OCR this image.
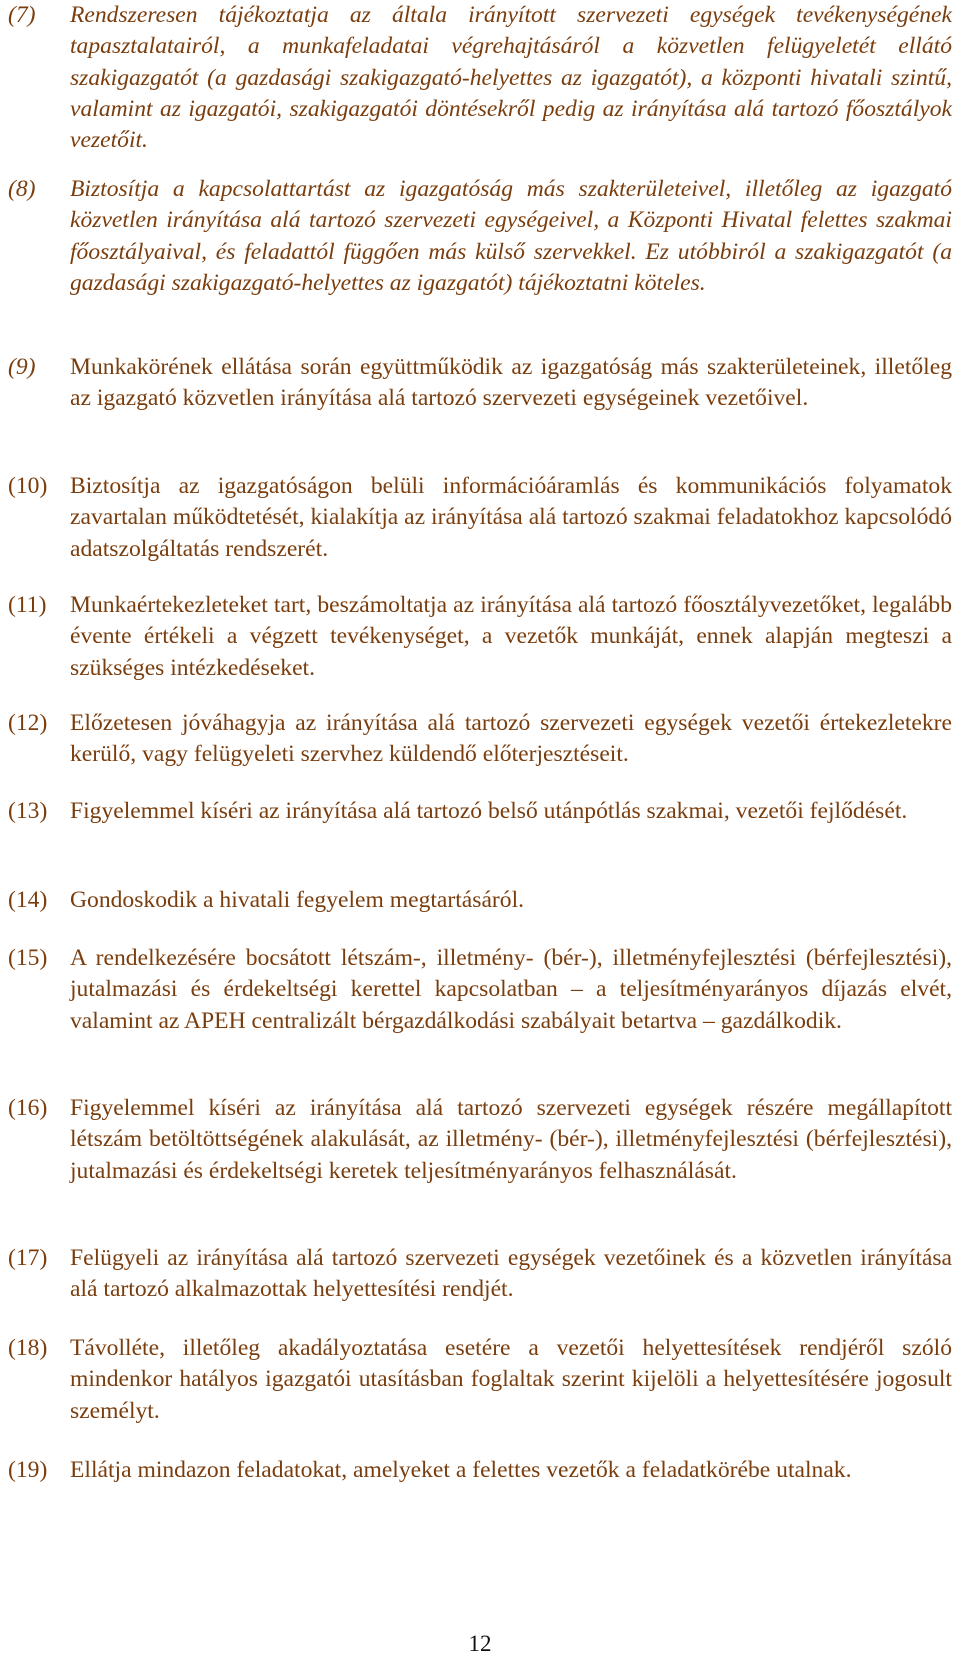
(7)	Rendszeresen tájékoztatja az általa irányított szervezeti egységek tevékenységének tapasztalatairól, a munkafeladatai végrehajtásáról a közvetlen felügyeletét ellátó szakigazgatót (a gazdasági szakigazgató-helyettes az igazgatót), a központi hivatali szintű, valamint az igazgatói, szakigazgatói döntésekről pedig az irányítása alá tartozó főosztályok vezetőit.

(8)	Biztosítja a kapcsolattartást az igazgatóság más szakterületeivel, illetőleg az igazgató közvetlen irányítása alá tartozó szervezeti egységeivel, a Központi Hivatal felettes szakmai főosztályaival, és feladattól függően más külső szervekkel. Ez utóbbiról a szakigazgatót (a gazdasági szakigazgató-helyettes az igazgatót) tájékoztatni köteles.

(9)	Munkakörének ellátása során együttműködik az igazgatóság más szakterületeinek, illetőleg az igazgató közvetlen irányítása alá tartozó szervezeti egységeinek vezetőivel.

(10) Biztosítja az igazgatóságon belüli információáramlás és kommunikációs folyamatok zavartalan működtetését, kialakítja az irányítása alá tartozó szakmai feladatokhoz kapcsolódó adatszolgáltatás rendszerét.

(11) Munkaértekezleteket tart, beszámoltatja az irányítása alá tartozó főosztályvezetőket, legalább évente értékeli a végzett tevékenységet, a vezetők munkáját, ennek alapján megteszi a szükséges intézkedéseket.

(12) Előzetesen jóváhagyja az irányítása alá tartozó szervezeti egységek vezetői értekezletekre kerülő, vagy felügyeleti szervhez küldendő előterjesztéseit.

(13) Figyelemmel kíséri az irányítása alá tartozó belső utánpótlás szakmai, vezetői fejlődését.

(14) Gondoskodik a hivatali fegyelem megtartásáról.

(15) A rendelkezésére bocsátott létszám-, illetmény- (bér-), illetményfejlesztési (bérfejlesztési), jutalmazási és érdekeltségi kerettel kapcsolatban – a teljesítményarányos díjazás elvét, valamint az APEH centralizált bérgazdálkodási szabályait betartva – gazdálkodik.

(16) Figyelemmel kíséri az irányítása alá tartozó szervezeti egységek részére megállapított létszám betöltöttségének alakulását, az illetmény- (bér-), illetményfejlesztési (bérfejlesztési), jutalmazási és érdekeltségi keretek teljesítményarányos felhasználását.

(17) Felügyeli az irányítása alá tartozó szervezeti egységek vezetőinek és a közvetlen irányítása alá tartozó alkalmazottak helyettesítési rendjét.

(18) Távolléte, illetőleg akadályoztatása esetére a vezetői helyettesítések rendjéről szóló mindenkor hatályos igazgatói utasításban foglaltak szerint kijelöli a helyettesítésére jogosult személyt.

(19) Ellátja mindazon feladatokat, amelyeket a felettes vezetők a feladatkörébe utalnak.

12
